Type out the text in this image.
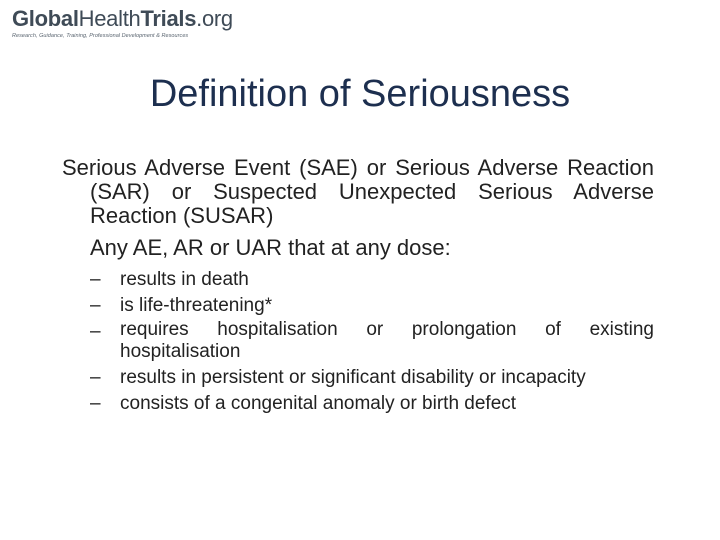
GlobalHealthTrials.org
Research, Guidance, Training, Professional Development & Resources
Definition of Seriousness

Serious Adverse Event (SAE) or Serious Adverse Reaction (SAR) or Suspected Unexpected Serious Adverse Reaction (SUSAR)

Any AE, AR or UAR that at any dose:

–	results in death
–	is life-threatening*
–	requires hospitalisation or prolongation of existing hospitalisation
–	results in persistent or significant disability or incapacity
–	consists of a congenital anomaly or birth defect
